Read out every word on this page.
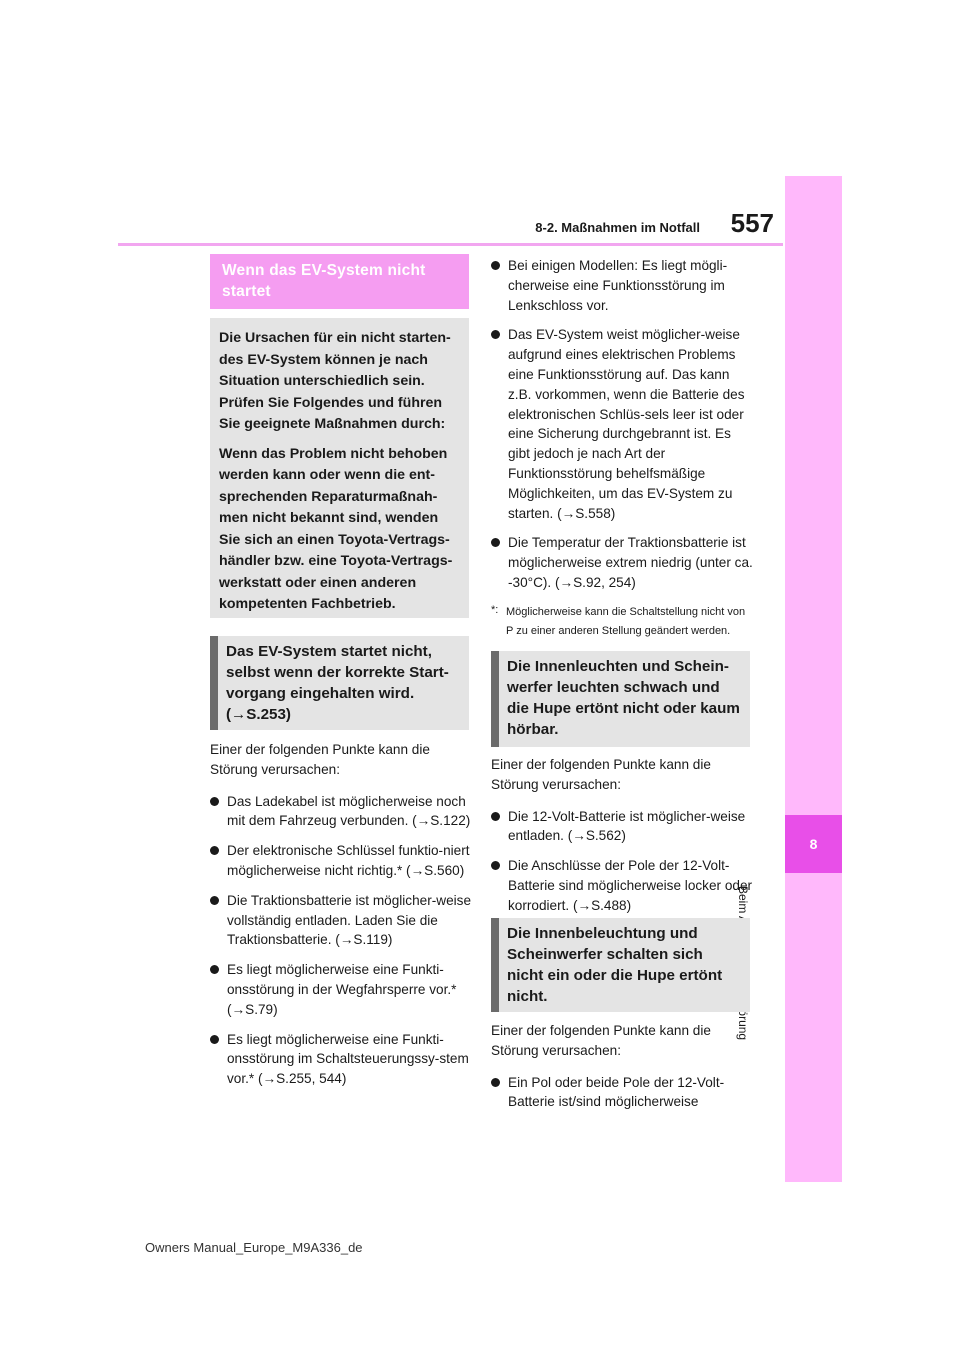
8-2. Maßnahmen im Notfall	557
8
Wenn das EV-System nicht startet

Die Ursachen für ein nicht starten-des EV-System können je nach Situation unterschiedlich sein. Prüfen Sie Folgendes und führen Sie geeignete Maßnahmen durch:

Wenn das Problem nicht behoben werden kann oder wenn die ent-sprechenden Reparaturmaßnah-men nicht bekannt sind, wenden Sie sich an einen Toyota-Vertrags-händler bzw. eine Toyota-Vertrags-werkstatt oder einen anderen kompetenten Fachbetrieb.

Das EV-System startet nicht, selbst wenn der korrekte Start-vorgang eingehalten wird. (→S.253)
Einer der folgenden Punkte kann die Störung verursachen:
Das Ladekabel ist möglicherweise noch mit dem Fahrzeug verbunden. (→S.122)
Der elektronische Schlüssel funktio-niert möglicherweise nicht richtig.* (→S.560)
Die Traktionsbatterie ist möglicher-weise vollständig entladen. Laden Sie die Traktionsbatterie. (→S.119)
Es liegt möglicherweise eine Funkti-onsstörung in der Wegfahrsperre vor.* (→S.79)
Es liegt möglicherweise eine Funkti-onsstörung im Schaltsteuerungssy-stem vor.* (→S.255, 544)
Bei einigen Modellen: Es liegt mögli-cherweise eine Funktionsstörung im Lenkschloss vor.
Das EV-System weist möglicher-weise aufgrund eines elektrischen Problems eine Funktionsstörung auf. Das kann z.B. vorkommen, wenn die Batterie des elektronischen Schlüs-sels leer ist oder eine Sicherung durchgebrannt ist. Es gibt jedoch je nach Art der Funktionsstörung behelfsmäßige Möglichkeiten, um das EV-System zu starten. (→S.558)
Die Temperatur der Traktionsbatterie ist möglicherweise extrem niedrig (unter ca. -30°C). (→S.92, 254)
*: Möglicherweise kann die Schaltstellung nicht von P zu einer anderen Stellung geändert werden.
Die Innenleuchten und Schein-werfer leuchten schwach und die Hupe ertönt nicht oder kaum hörbar.
Einer der folgenden Punkte kann die Störung verursachen:
Die 12-Volt-Batterie ist möglicher-weise entladen. (→S.562)
Die Anschlüsse der Pole der 12-Volt-Batterie sind möglicherweise locker oder korrodiert. (→S.488)
Die Innenbeleuchtung und Scheinwerfer schalten sich nicht ein oder die Hupe ertönt nicht.
Einer der folgenden Punkte kann die Störung verursachen:
Ein Pol oder beide Pole der 12-Volt-Batterie ist/sind möglicherweise
Owners Manual_Europe_M9A336_de
